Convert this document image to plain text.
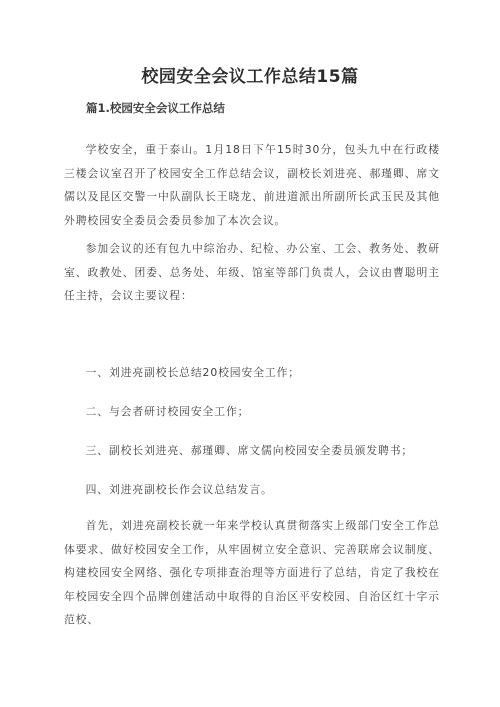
校园安全会议工作总结15篇
篇1.校园安全会议工作总结

学校安全，重于泰山。1月18日下午15时30分，包头九中在行政楼三楼会议室召开了校园安全工作总结会议，副校长刘进亮、郝瑾卿、席文儒以及昆区交警一中队副队长王晓龙、前进道派出所副所长武玉民及其他外聘校园安全委员会委员参加了本次会议。

参加会议的还有包九中综治办、纪检、办公室、工会、教务处、教研室、政教处、团委、总务处、年级、馆室等部门负责人，会议由曹聪明主任主持，会议主要议程：

一、刘进亮副校长总结20校园安全工作；

二、与会者研讨校园安全工作；

三、副校长刘进亮、郝瑾卿、席文儒向校园安全委员颁发聘书；

四、刘进亮副校长作会议总结发言。

首先，刘进亮副校长就一年来学校认真贯彻落实上级部门安全工作总体要求、做好校园安全工作，从牢固树立安全意识、完善联席会议制度、构建校园安全网络、强化专项排查治理等方面进行了总结，肯定了我校在年校园安全四个品牌创建活动中取得的自治区平安校园、自治区红十字示范校、
